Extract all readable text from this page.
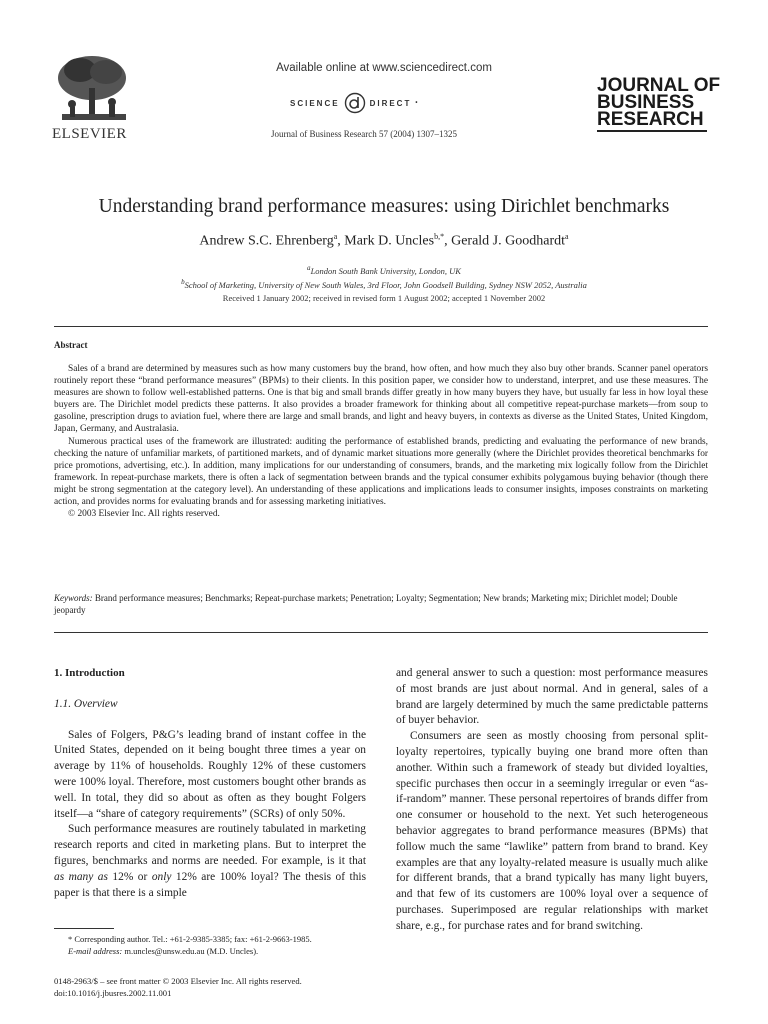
ELSEVIER
Available online at www.sciencedirect.com
SCIENCE	DIRECT •
Journal of Business Research 57 (2004) 1307–1325
JOURNAL OF
BUSINESS
RESEARCH
Understanding brand performance measures: using Dirichlet benchmarks
Andrew S.C. Ehrenberg$^a$, Mark D. Uncles$^{b,*}$, Gerald J. Goodhardt$^a$
$^a$London South Bank University, London, UK
$^b$School of Marketing, University of New South Wales, 3rd Floor, John Goodsell Building, Sydney NSW 2052, Australia
Received 1 January 2002; received in revised form 1 August 2002; accepted 1 November 2002
Abstract

Sales of a brand are determined by measures such as how many customers buy the brand, how often, and how much they also buy other brands. Scanner panel operators routinely report these “brand performance measures” (BPMs) to their clients. In this position paper, we consider how to understand, interpret, and use these measures. The measures are shown to follow well-established patterns. One is that big and small brands differ greatly in how many buyers they have, but usually far less in how loyal these buyers are. The Dirichlet model predicts these patterns. It also provides a broader framework for thinking about all competitive repeat-purchase markets—from soup to gasoline, prescription drugs to aviation fuel, where there are large and small brands, and light and heavy buyers, in contexts as diverse as the United States, United Kingdom, Japan, Germany, and Australasia.

Numerous practical uses of the framework are illustrated: auditing the performance of established brands, predicting and evaluating the performance of new brands, checking the nature of unfamiliar markets, of partitioned markets, and of dynamic market situations more generally (where the Dirichlet provides theoretical benchmarks for price promotions, advertising, etc.). In addition, many implications for our understanding of consumers, brands, and the marketing mix logically follow from the Dirichlet framework. In repeat-purchase markets, there is often a lack of segmentation between brands and the typical consumer exhibits polygamous buying behavior (though there might be strong segmentation at the category level). An understanding of these applications and implications leads to consumer insights, imposes constraints on marketing action, and provides norms for evaluating brands and for assessing marketing initiatives.

© 2003 Elsevier Inc. All rights reserved.

Keywords: Brand performance measures; Benchmarks; Repeat-purchase markets; Penetration; Loyalty; Segmentation; New brands; Marketing mix; Dirichlet model; Double jeopardy
1. Introduction
1.1. Overview

Sales of Folgers, P&G’s leading brand of instant coffee in the United States, depended on it being bought three times a year on average by 11% of households. Roughly 12% of these customers were 100% loyal. Therefore, most customers bought other brands as well. In total, they did so about as often as they bought Folgers itself—a “share of category requirements” (SCRs) of only 50%.

Such performance measures are routinely tabulated in marketing research reports and cited in marketing plans. But to interpret the figures, benchmarks and norms are needed. For example, is it that as many as 12% or only 12% are 100% loyal? The thesis of this paper is that there is a simple

* Corresponding author. Tel.: +61-2-9385-3385; fax: +61-2-9663-1985.
E-mail address: m.uncles@unsw.edu.au (M.D. Uncles).
0148-2963/$ – see front matter © 2003 Elsevier Inc. All rights reserved.
doi:10.1016/j.jbusres.2002.11.001

and general answer to such a question: most performance measures of most brands are just about normal. And in general, sales of a brand are largely determined by much the same predictable patterns of buyer behavior.

Consumers are seen as mostly choosing from personal split-loyalty repertoires, typically buying one brand more often than another. Within such a framework of steady but divided loyalties, specific purchases then occur in a seemingly irregular or even “as-if-random” manner. These personal repertoires of brands differ from one consumer or household to the next. Yet such heterogeneous behavior aggregates to brand performance measures (BPMs) that follow much the same “lawlike” pattern from brand to brand. Key examples are that any loyalty-related measure is usually much alike for different brands, that a brand typically has many light buyers, and that few of its customers are 100% loyal over a sequence of purchases. Superimposed are regular relationships with market share, e.g., for purchase rates and for brand switching.
